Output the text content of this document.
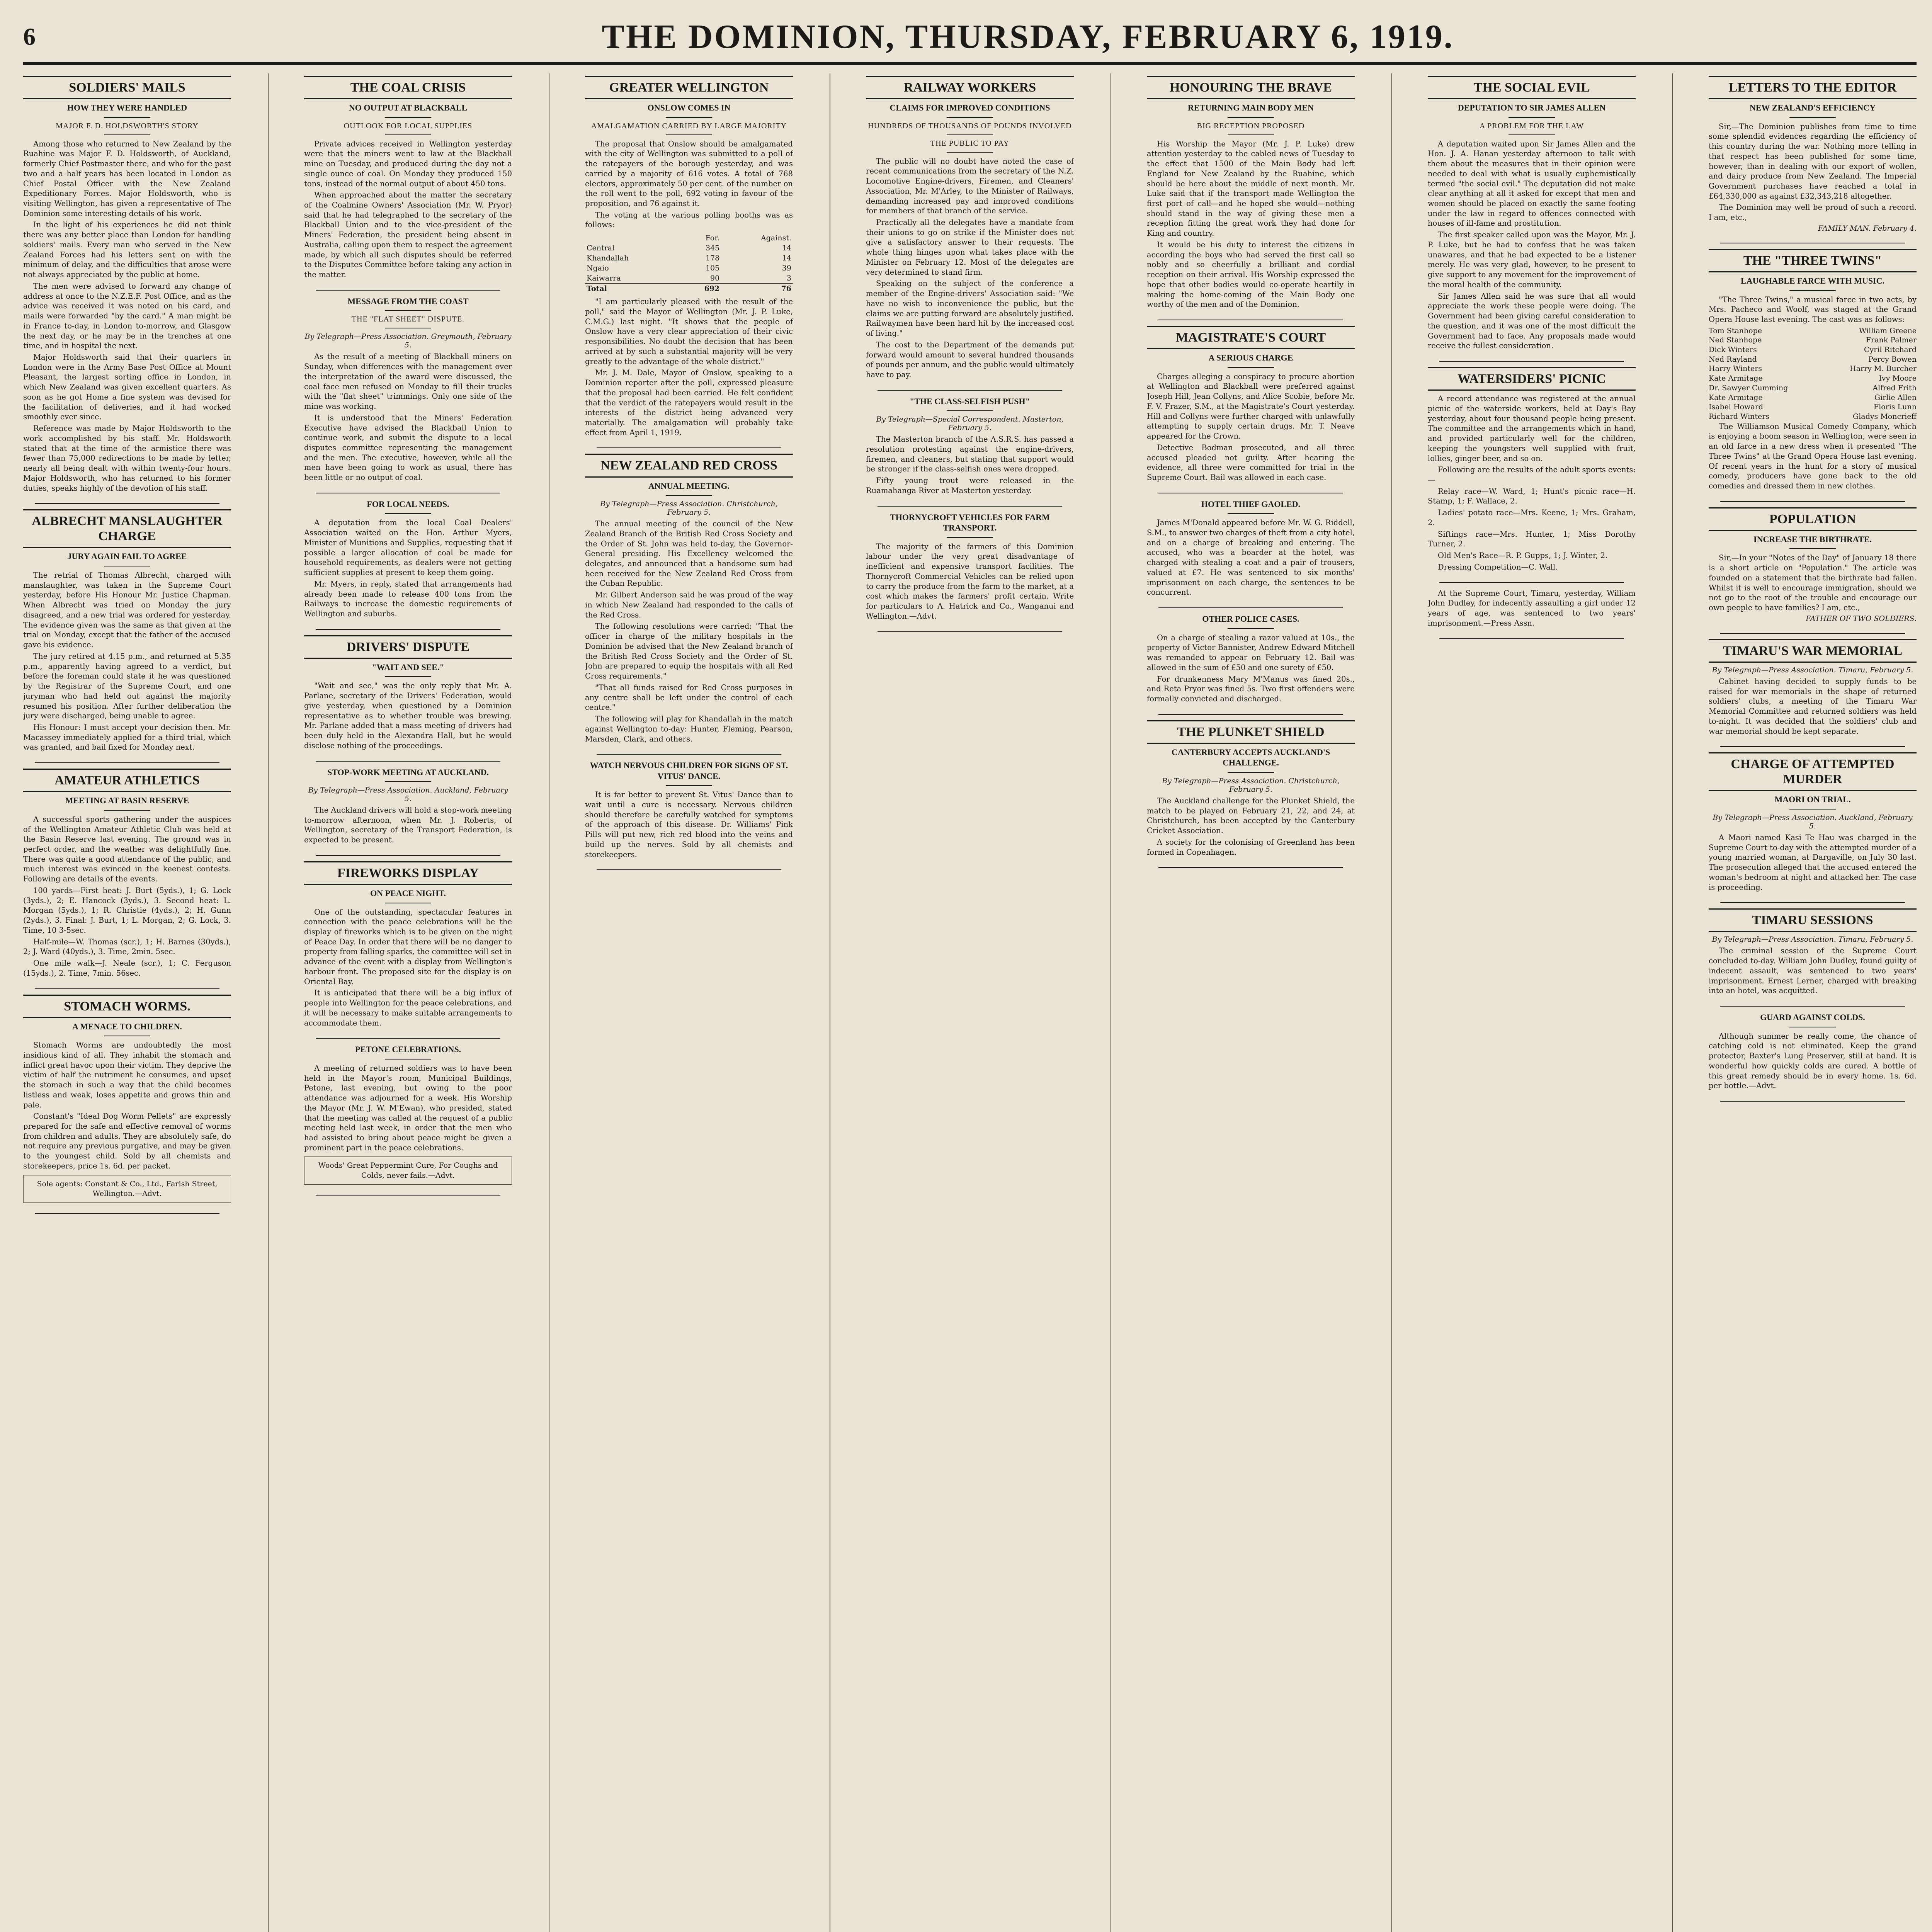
6	THE DOMINION, THURSDAY, FEBRUARY 6, 1919.
SOLDIERS' MAILS
HOW THEY WERE HANDLED
MAJOR F. D. HOLDSWORTH'S STORY

Among those who returned to New Zealand by the Ruahine was Major F. D. Holdsworth, of Auckland, formerly Chief Postmaster there, and who for the past two and a half years has been located in London as Chief Postal Officer with the New Zealand Expeditionary Forces. Major Holdsworth, who is visiting Wellington, has given a representative of The Dominion some interesting details of his work.

In the light of his experiences he did not think there was any better place than London for handling soldiers' mails. Every man who served in the New Zealand Forces had his letters sent on with the minimum of delay, and the difficulties that arose were not always appreciated by the public at home.

The men were advised to forward any change of address at once to the N.Z.E.F. Post Office, and as the advice was received it was noted on his card, and mails were forwarded "by the card." A man might be in France to-day, in London to-morrow, and Glasgow the next day, or he may be in the trenches at one time, and in hospital the next.

Major Holdsworth said that their quarters in London were in the Army Base Post Office at Mount Pleasant, the largest sorting office in London, in which New Zealand was given excellent quarters. As soon as he got Home a fine system was devised for the facilitation of deliveries, and it had worked smoothly ever since.

Reference was made by Major Holdsworth to the work accomplished by his staff. Mr. Holdsworth stated that at the time of the armistice there was fewer than 75,000 redirections to be made by letter, nearly all being dealt with within twenty-four hours. Major Holdsworth, who has returned to his former duties, speaks highly of the devotion of his staff.

ALBRECHT MANSLAUGHTER CHARGE
JURY AGAIN FAIL TO AGREE

The retrial of Thomas Albrecht, charged with manslaughter, was taken in the Supreme Court yesterday, before His Honour Mr. Justice Chapman. When Albrecht was tried on Monday the jury disagreed, and a new trial was ordered for yesterday. The evidence given was the same as that given at the trial on Monday, except that the father of the accused gave his evidence.

The jury retired at 4.15 p.m., and returned at 5.35 p.m., apparently having agreed to a verdict, but before the foreman could state it he was questioned by the Registrar of the Supreme Court, and one juryman who had held out against the majority resumed his position. After further deliberation the jury were discharged, being unable to agree.

His Honour: I must accept your decision then. Mr. Macassey immediately applied for a third trial, which was granted, and bail fixed for Monday next.

AMATEUR ATHLETICS
MEETING AT BASIN RESERVE

A successful sports gathering under the auspices of the Wellington Amateur Athletic Club was held at the Basin Reserve last evening. The ground was in perfect order, and the weather was delightfully fine. There was quite a good attendance of the public, and much interest was evinced in the keenest contests. Following are details of the events.

100 yards—First heat: J. Burt (5yds.), 1; G. Lock (3yds.), 2; E. Hancock (3yds.), 3. Second heat: L. Morgan (5yds.), 1; R. Christie (4yds.), 2; H. Gunn (2yds.), 3. Final: J. Burt, 1; L. Morgan, 2; G. Lock, 3. Time, 10 3-5sec.

Half-mile—W. Thomas (scr.), 1; H. Barnes (30yds.), 2; J. Ward (40yds.), 3. Time, 2min. 5sec.

One mile walk—J. Neale (scr.), 1; C. Ferguson (15yds.), 2. Time, 7min. 56sec.

STOMACH WORMS.
A MENACE TO CHILDREN.

Stomach Worms are undoubtedly the most insidious kind of all. They inhabit the stomach and inflict great havoc upon their victim. They deprive the victim of half the nutriment he consumes, and upset the stomach in such a way that the child becomes listless and weak, loses appetite and grows thin and pale.

Constant's "Ideal Dog Worm Pellets" are expressly prepared for the safe and effective removal of worms from children and adults. They are absolutely safe, do not require any previous purgative, and may be given to the youngest child. Sold by all chemists and storekeepers, price 1s. 6d. per packet.

Sole agents: Constant & Co., Ltd., Farish Street, Wellington.—Advt.
THE COAL CRISIS
NO OUTPUT AT BLACKBALL
OUTLOOK FOR LOCAL SUPPLIES

Private advices received in Wellington yesterday were that the miners went to law at the Blackball mine on Tuesday, and produced during the day not a single ounce of coal. On Monday they produced 150 tons, instead of the normal output of about 450 tons.

When approached about the matter the secretary of the Coalmine Owners' Association (Mr. W. Pryor) said that he had telegraphed to the secretary of the Blackball Union and to the vice-president of the Miners' Federation, the president being absent in Australia, calling upon them to respect the agreement made, by which all such disputes should be referred to the Disputes Committee before taking any action in the matter.

MESSAGE FROM THE COAST
THE "FLAT SHEET" DISPUTE.
By Telegraph—Press Association. Greymouth, February 5.

As the result of a meeting of Blackball miners on Sunday, when differences with the management over the interpretation of the award were discussed, the coal face men refused on Monday to fill their trucks with the "flat sheet" trimmings. Only one side of the mine was working.

It is understood that the Miners' Federation Executive have advised the Blackball Union to continue work, and submit the dispute to a local disputes committee representing the management and the men. The executive, however, while all the men have been going to work as usual, there has been little or no output of coal.

FOR LOCAL NEEDS.

A deputation from the local Coal Dealers' Association waited on the Hon. Arthur Myers, Minister of Munitions and Supplies, requesting that if possible a larger allocation of coal be made for household requirements, as dealers were not getting sufficient supplies at present to keep them going.

Mr. Myers, in reply, stated that arrangements had already been made to release 400 tons from the Railways to increase the domestic requirements of Wellington and suburbs.

DRIVERS' DISPUTE
"WAIT AND SEE."

"Wait and see," was the only reply that Mr. A. Parlane, secretary of the Drivers' Federation, would give yesterday, when questioned by a Dominion representative as to whether trouble was brewing. Mr. Parlane added that a mass meeting of drivers had been duly held in the Alexandra Hall, but he would disclose nothing of the proceedings.

STOP-WORK MEETING AT AUCKLAND.
By Telegraph—Press Association. Auckland, February 5.

The Auckland drivers will hold a stop-work meeting to-morrow afternoon, when Mr. J. Roberts, of Wellington, secretary of the Transport Federation, is expected to be present.

FIREWORKS DISPLAY
ON PEACE NIGHT.

One of the outstanding, spectacular features in connection with the peace celebrations will be the display of fireworks which is to be given on the night of Peace Day. In order that there will be no danger to property from falling sparks, the committee will set in advance of the event with a display from Wellington's harbour front. The proposed site for the display is on Oriental Bay.

It is anticipated that there will be a big influx of people into Wellington for the peace celebrations, and it will be necessary to make suitable arrangements to accommodate them.

PETONE CELEBRATIONS.

A meeting of returned soldiers was to have been held in the Mayor's room, Municipal Buildings, Petone, last evening, but owing to the poor attendance was adjourned for a week. His Worship the Mayor (Mr. J. W. M'Ewan), who presided, stated that the meeting was called at the request of a public meeting held last week, in order that the men who had assisted to bring about peace might be given a prominent part in the peace celebrations.

Woods' Great Peppermint Cure, For Coughs and Colds, never fails.—Advt.
GREATER WELLINGTON
ONSLOW COMES IN
AMALGAMATION CARRIED BY LARGE MAJORITY

The proposal that Onslow should be amalgamated with the city of Wellington was submitted to a poll of the ratepayers of the borough yesterday, and was carried by a majority of 616 votes. A total of 768 electors, approximately 50 per cent. of the number on the roll went to the poll, 692 voting in favour of the proposition, and 76 against it.

The voting at the various polling booths was as follows:

	For.	Against.
Central	345	14
Khandallah	178	14
Ngaio	105	39
Kaiwarra	90	3
Total	692	76

"I am particularly pleased with the result of the poll," said the Mayor of Wellington (Mr. J. P. Luke, C.M.G.) last night. "It shows that the people of Onslow have a very clear appreciation of their civic responsibilities. No doubt the decision that has been arrived at by such a substantial majority will be very greatly to the advantage of the whole district."

Mr. J. M. Dale, Mayor of Onslow, speaking to a Dominion reporter after the poll, expressed pleasure that the proposal had been carried. He felt confident that the verdict of the ratepayers would result in the interests of the district being advanced very materially. The amalgamation will probably take effect from April 1, 1919.

NEW ZEALAND RED CROSS
ANNUAL MEETING.
By Telegraph—Press Association. Christchurch, February 5.

The annual meeting of the council of the New Zealand Branch of the British Red Cross Society and the Order of St. John was held to-day, the Governor-General presiding. His Excellency welcomed the delegates, and announced that a handsome sum had been received for the New Zealand Red Cross from the Cuban Republic.

Mr. Gilbert Anderson said he was proud of the way in which New Zealand had responded to the calls of the Red Cross.

The following resolutions were carried: "That the officer in charge of the military hospitals in the Dominion be advised that the New Zealand branch of the British Red Cross Society and the Order of St. John are prepared to equip the hospitals with all Red Cross requirements."

"That all funds raised for Red Cross purposes in any centre shall be left under the control of each centre."

The following will play for Khandallah in the match against Wellington to-day: Hunter, Fleming, Pearson, Marsden, Clark, and others.

WATCH NERVOUS CHILDREN FOR SIGNS OF ST. VITUS' DANCE.

It is far better to prevent St. Vitus' Dance than to wait until a cure is necessary. Nervous children should therefore be carefully watched for symptoms of the approach of this disease. Dr. Williams' Pink Pills will put new, rich red blood into the veins and build up the nerves. Sold by all chemists and storekeepers.

RAILWAY WORKERS
CLAIMS FOR IMPROVED CONDITIONS
HUNDREDS OF THOUSANDS OF POUNDS INVOLVED
THE PUBLIC TO PAY

The public will no doubt have noted the case of recent communications from the secretary of the N.Z. Locomotive Engine-drivers, Firemen, and Cleaners' Association, Mr. M'Arley, to the Minister of Railways, demanding increased pay and improved conditions for members of that branch of the service.

Practically all the delegates have a mandate from their unions to go on strike if the Minister does not give a satisfactory answer to their requests. The whole thing hinges upon what takes place with the Minister on February 12. Most of the delegates are very determined to stand firm.

Speaking on the subject of the conference a member of the Engine-drivers' Association said: "We have no wish to inconvenience the public, but the claims we are putting forward are absolutely justified. Railwaymen have been hard hit by the increased cost of living."

The cost to the Department of the demands put forward would amount to several hundred thousands of pounds per annum, and the public would ultimately have to pay.

"THE CLASS-SELFISH PUSH"
By Telegraph—Special Correspondent. Masterton, February 5.

The Masterton branch of the A.S.R.S. has passed a resolution protesting against the engine-drivers, firemen, and cleaners, but stating that support would be stronger if the class-selfish ones were dropped.

Fifty young trout were released in the Ruamahanga River at Masterton yesterday.

THORNYCROFT VEHICLES FOR FARM TRANSPORT.

The majority of the farmers of this Dominion labour under the very great disadvantage of inefficient and expensive transport facilities. The Thornycroft Commercial Vehicles can be relied upon to carry the produce from the farm to the market, at a cost which makes the farmers' profit certain. Write for particulars to A. Hatrick and Co., Wanganui and Wellington.—Advt.

HONOURING THE BRAVE
RETURNING MAIN BODY MEN
BIG RECEPTION PROPOSED

His Worship the Mayor (Mr. J. P. Luke) drew attention yesterday to the cabled news of Tuesday to the effect that 1500 of the Main Body had left England for New Zealand by the Ruahine, which should be here about the middle of next month. Mr. Luke said that if the transport made Wellington the first port of call—and he hoped she would—nothing should stand in the way of giving these men a reception fitting the great work they had done for King and country.

It would be his duty to interest the citizens in according the boys who had served the first call so nobly and so cheerfully a brilliant and cordial reception on their arrival. His Worship expressed the hope that other bodies would co-operate heartily in making the home-coming of the Main Body one worthy of the men and of the Dominion.

MAGISTRATE'S COURT
A SERIOUS CHARGE

Charges alleging a conspiracy to procure abortion at Wellington and Blackball were preferred against Joseph Hill, Jean Collyns, and Alice Scobie, before Mr. F. V. Frazer, S.M., at the Magistrate's Court yesterday. Hill and Collyns were further charged with unlawfully attempting to supply certain drugs. Mr. T. Neave appeared for the Crown.

Detective Bodman prosecuted, and all three accused pleaded not guilty. After hearing the evidence, all three were committed for trial in the Supreme Court. Bail was allowed in each case.

HOTEL THIEF GAOLED.

James M'Donald appeared before Mr. W. G. Riddell, S.M., to answer two charges of theft from a city hotel, and on a charge of breaking and entering. The accused, who was a boarder at the hotel, was charged with stealing a coat and a pair of trousers, valued at £7. He was sentenced to six months' imprisonment on each charge, the sentences to be concurrent.

OTHER POLICE CASES.

On a charge of stealing a razor valued at 10s., the property of Victor Bannister, Andrew Edward Mitchell was remanded to appear on February 12. Bail was allowed in the sum of £50 and one surety of £50.

For drunkenness Mary M'Manus was fined 20s., and Reta Pryor was fined 5s. Two first offenders were formally convicted and discharged.

THE PLUNKET SHIELD
CANTERBURY ACCEPTS AUCKLAND'S CHALLENGE.
By Telegraph—Press Association. Christchurch, February 5.

The Auckland challenge for the Plunket Shield, the match to be played on February 21, 22, and 24, at Christchurch, has been accepted by the Canterbury Cricket Association.

A society for the colonising of Greenland has been formed in Copenhagen.

THE SOCIAL EVIL
DEPUTATION TO SIR JAMES ALLEN
A PROBLEM FOR THE LAW

A deputation waited upon Sir James Allen and the Hon. J. A. Hanan yesterday afternoon to talk with them about the measures that in their opinion were needed to deal with what is usually euphemistically termed "the social evil." The deputation did not make clear anything at all it asked for except that men and women should be placed on exactly the same footing under the law in regard to offences connected with houses of ill-fame and prostitution.

The first speaker called upon was the Mayor, Mr. J. P. Luke, but he had to confess that he was taken unawares, and that he had expected to be a listener merely. He was very glad, however, to be present to give support to any movement for the improvement of the moral health of the community.

Sir James Allen said he was sure that all would appreciate the work these people were doing. The Government had been giving careful consideration to the question, and it was one of the most difficult the Government had to face. Any proposals made would receive the fullest consideration.

WATERSIDERS' PICNIC

A record attendance was registered at the annual picnic of the waterside workers, held at Day's Bay yesterday, about four thousand people being present. The committee and the arrangements which in hand, and provided particularly well for the children, keeping the youngsters well supplied with fruit, lollies, ginger beer, and so on.

Following are the results of the adult sports events:—

Relay race—W. Ward, 1; Hunt's picnic race—H. Stamp, 1; F. Wallace, 2.

Ladies' potato race—Mrs. Keene, 1; Mrs. Graham, 2.

Siftings race—Mrs. Hunter, 1; Miss Dorothy Turner, 2.

Old Men's Race—R. P. Gupps, 1; J. Winter, 2.

Dressing Competition—C. Wall.

At the Supreme Court, Timaru, yesterday, William John Dudley, for indecently assaulting a girl under 12 years of age, was sentenced to two years' imprisonment.—Press Assn.

LETTERS TO THE EDITOR
NEW ZEALAND'S EFFICIENCY

Sir,—The Dominion publishes from time to time some splendid evidences regarding the efficiency of this country during the war. Nothing more telling in that respect has been published for some time, however, than in dealing with our export of wollen, and dairy produce from New Zealand. The Imperial Government purchases have reached a total in £64,330,000 as against £32,343,218 altogether.

The Dominion may well be proud of such a record. I am, etc.,

FAMILY MAN. February 4.
THE "THREE TWINS"
LAUGHABLE FARCE WITH MUSIC.

"The Three Twins," a musical farce in two acts, by Mrs. Pacheco and Woolf, was staged at the Grand Opera House last evening. The cast was as follows:

Tom Stanhope	William Greene
Ned Stanhope	Frank Palmer
Dick Winters	Cyril Ritchard
Ned Rayland	Percy Bowen
Harry Winters	Harry M. Burcher
Kate Armitage	Ivy Moore
Dr. Sawyer Cumming	Alfred Frith
Kate Armitage	Girlie Allen
Isabel Howard	Floris Lunn
Richard Winters	Gladys Moncrieff

The Williamson Musical Comedy Company, which is enjoying a boom season in Wellington, were seen in an old farce in a new dress when it presented "The Three Twins" at the Grand Opera House last evening. Of recent years in the hunt for a story of musical comedy, producers have gone back to the old comedies and dressed them in new clothes.

POPULATION
INCREASE THE BIRTHRATE.

Sir,—In your "Notes of the Day" of January 18 there is a short article on "Population." The article was founded on a statement that the birthrate had fallen. Whilst it is well to encourage immigration, should we not go to the root of the trouble and encourage our own people to have families? I am, etc.,

FATHER OF TWO SOLDIERS.
TIMARU'S WAR MEMORIAL
By Telegraph—Press Association. Timaru, February 5.

Cabinet having decided to supply funds to be raised for war memorials in the shape of returned soldiers' clubs, a meeting of the Timaru War Memorial Committee and returned soldiers was held to-night. It was decided that the soldiers' club and war memorial should be kept separate.

CHARGE OF ATTEMPTED MURDER
MAORI ON TRIAL.
By Telegraph—Press Association. Auckland, February 5.

A Maori named Kasi Te Hau was charged in the Supreme Court to-day with the attempted murder of a young married woman, at Dargaville, on July 30 last. The prosecution alleged that the accused entered the woman's bedroom at night and attacked her. The case is proceeding.

TIMARU SESSIONS
By Telegraph—Press Association. Timaru, February 5.

The criminal session of the Supreme Court concluded to-day. William John Dudley, found guilty of indecent assault, was sentenced to two years' imprisonment. Ernest Lerner, charged with breaking into an hotel, was acquitted.

GUARD AGAINST COLDS.

Although summer be really come, the chance of catching cold is not eliminated. Keep the grand protector, Baxter's Lung Preserver, still at hand. It is wonderful how quickly colds are cured. A bottle of this great remedy should be in every home. 1s. 6d. per bottle.—Advt.
